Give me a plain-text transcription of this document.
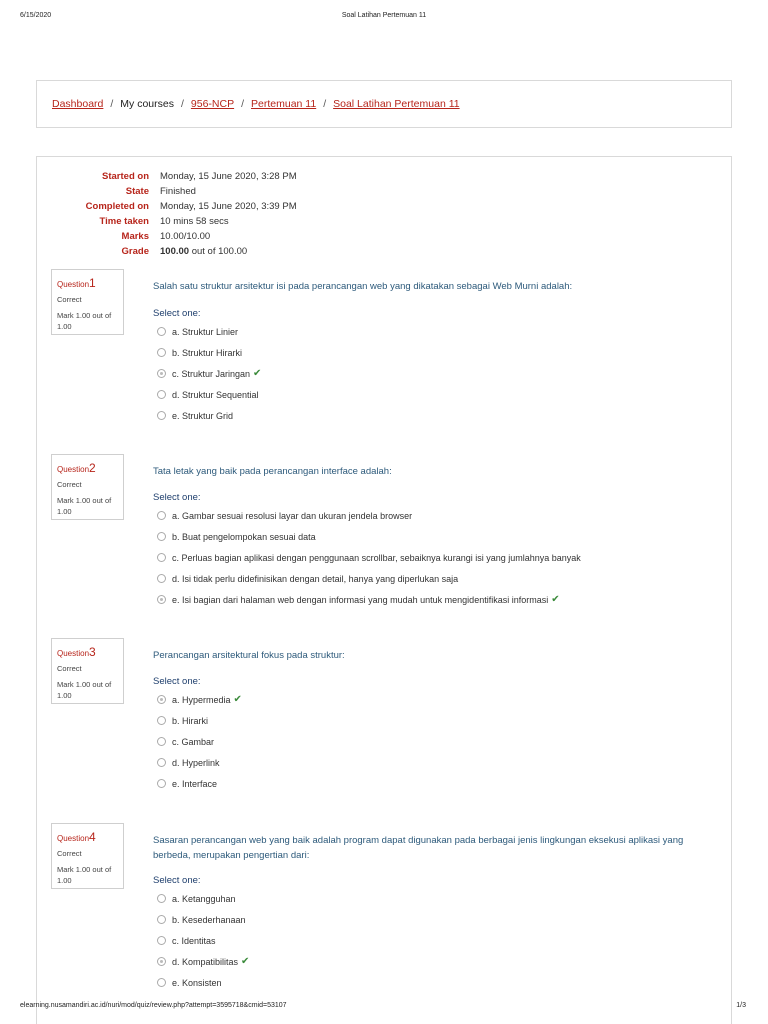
6/15/2020	Soal Latihan Pertemuan 11
Dashboard / My courses / 956-NCP / Pertemuan 11 / Soal Latihan Pertemuan 11
Started on Monday, 15 June 2020, 3:28 PM
State Finished
Completed on Monday, 15 June 2020, 3:39 PM
Time taken 10 mins 58 secs
Marks 10.00/10.00
Grade 100.00 out of 100.00
Question1
Correct
Mark 1.00 out of 1.00
Salah satu struktur arsitektur isi pada perancangan web yang dikatakan sebagai Web Murni adalah:
Select one:
a. Struktur Linier
b. Struktur Hirarki
c. Struktur Jaringan ✔
d. Struktur Sequential
e. Struktur Grid
Question2
Correct
Mark 1.00 out of 1.00
Tata letak yang baik pada perancangan interface adalah:
Select one:
a. Gambar sesuai resolusi layar dan ukuran jendela browser
b. Buat pengelompokan sesuai data
c. Perluas bagian aplikasi dengan penggunaan scrollbar, sebaiknya kurangi isi yang jumlahnya banyak
d. Isi tidak perlu didefinisikan dengan detail, hanya yang diperlukan saja
e. Isi bagian dari halaman web dengan informasi yang mudah untuk mengidentifikasi informasi ✔
Question3
Correct
Mark 1.00 out of 1.00
Perancangan arsitektural fokus pada struktur:
Select one:
a. Hypermedia ✔
b. Hirarki
c. Gambar
d. Hyperlink
e. Interface
Question4
Correct
Mark 1.00 out of 1.00
Sasaran perancangan web yang baik adalah program dapat digunakan pada berbagai jenis lingkungan eksekusi aplikasi yang berbeda, merupakan pengertian dari:
Select one:
a. Ketangguhan
b. Kesederhanaan
c. Identitas
d. Kompatibilitas ✔
e. Konsisten
elearning.nusamandiri.ac.id/nuri/mod/quiz/review.php?attempt=3595718&cmid=53107	1/3
